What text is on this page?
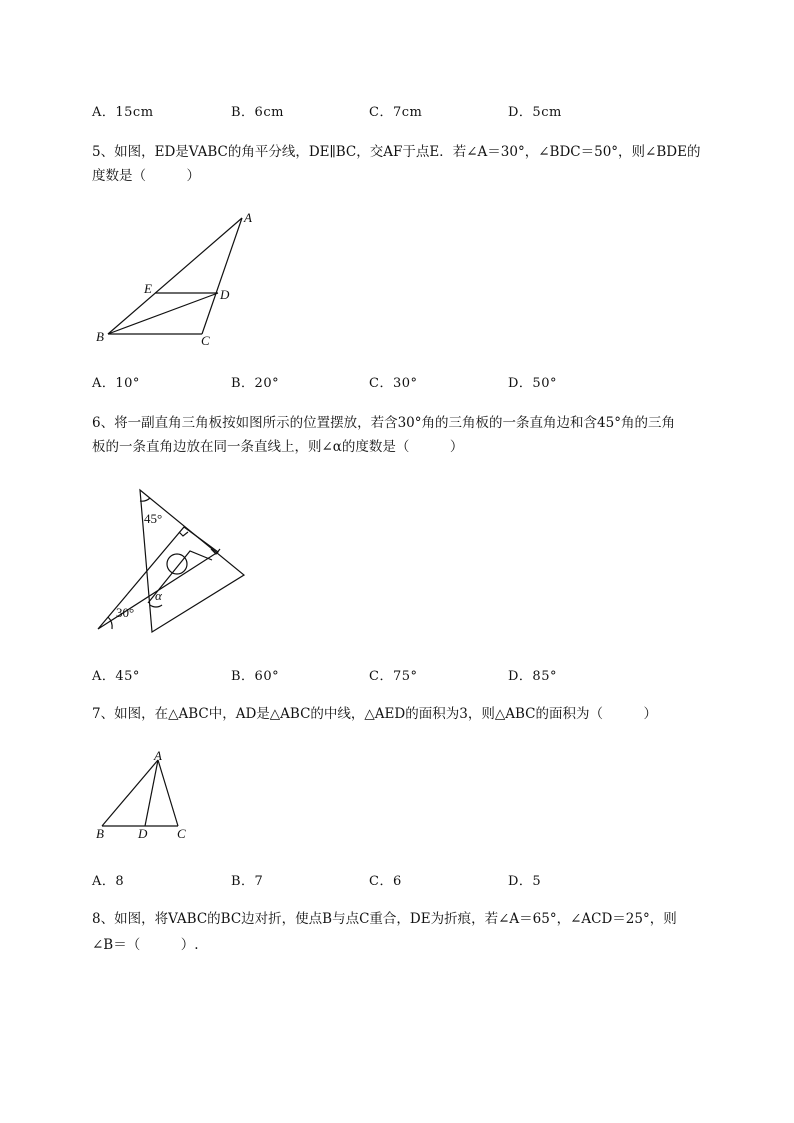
A．15cm	B．6cm	C．7cm	D．5cm
5、如图，ED是VABC的角平分线，DE∥BC，交AF于点E．若∠A＝30°，∠BDC＝50°，则∠BDE的
度数是（　　　）
A
B	C
D
E
A．10°	B．20°	C．30°	D．50°
6、将一副直角三角板按如图所示的位置摆放，若含30°角的三角板的一条直角边和含45°角的三角
板的一条直角边放在同一条直线上，则∠α的度数是（　　　）
45°
30°
α
A．45°	B．60°	C．75°	D．85°
7、如图，在△ABC中，AD是△ABC的中线，△AED的面积为3，则△ABC的面积为（　　　）
A
B	C
D
A．8	B．7	C．6	D．5
8、如图，将VABC的BC边对折，使点B与点C重合，DE为折痕，若∠A＝65°，∠ACD＝25°，则
∠B＝（　　　）.
